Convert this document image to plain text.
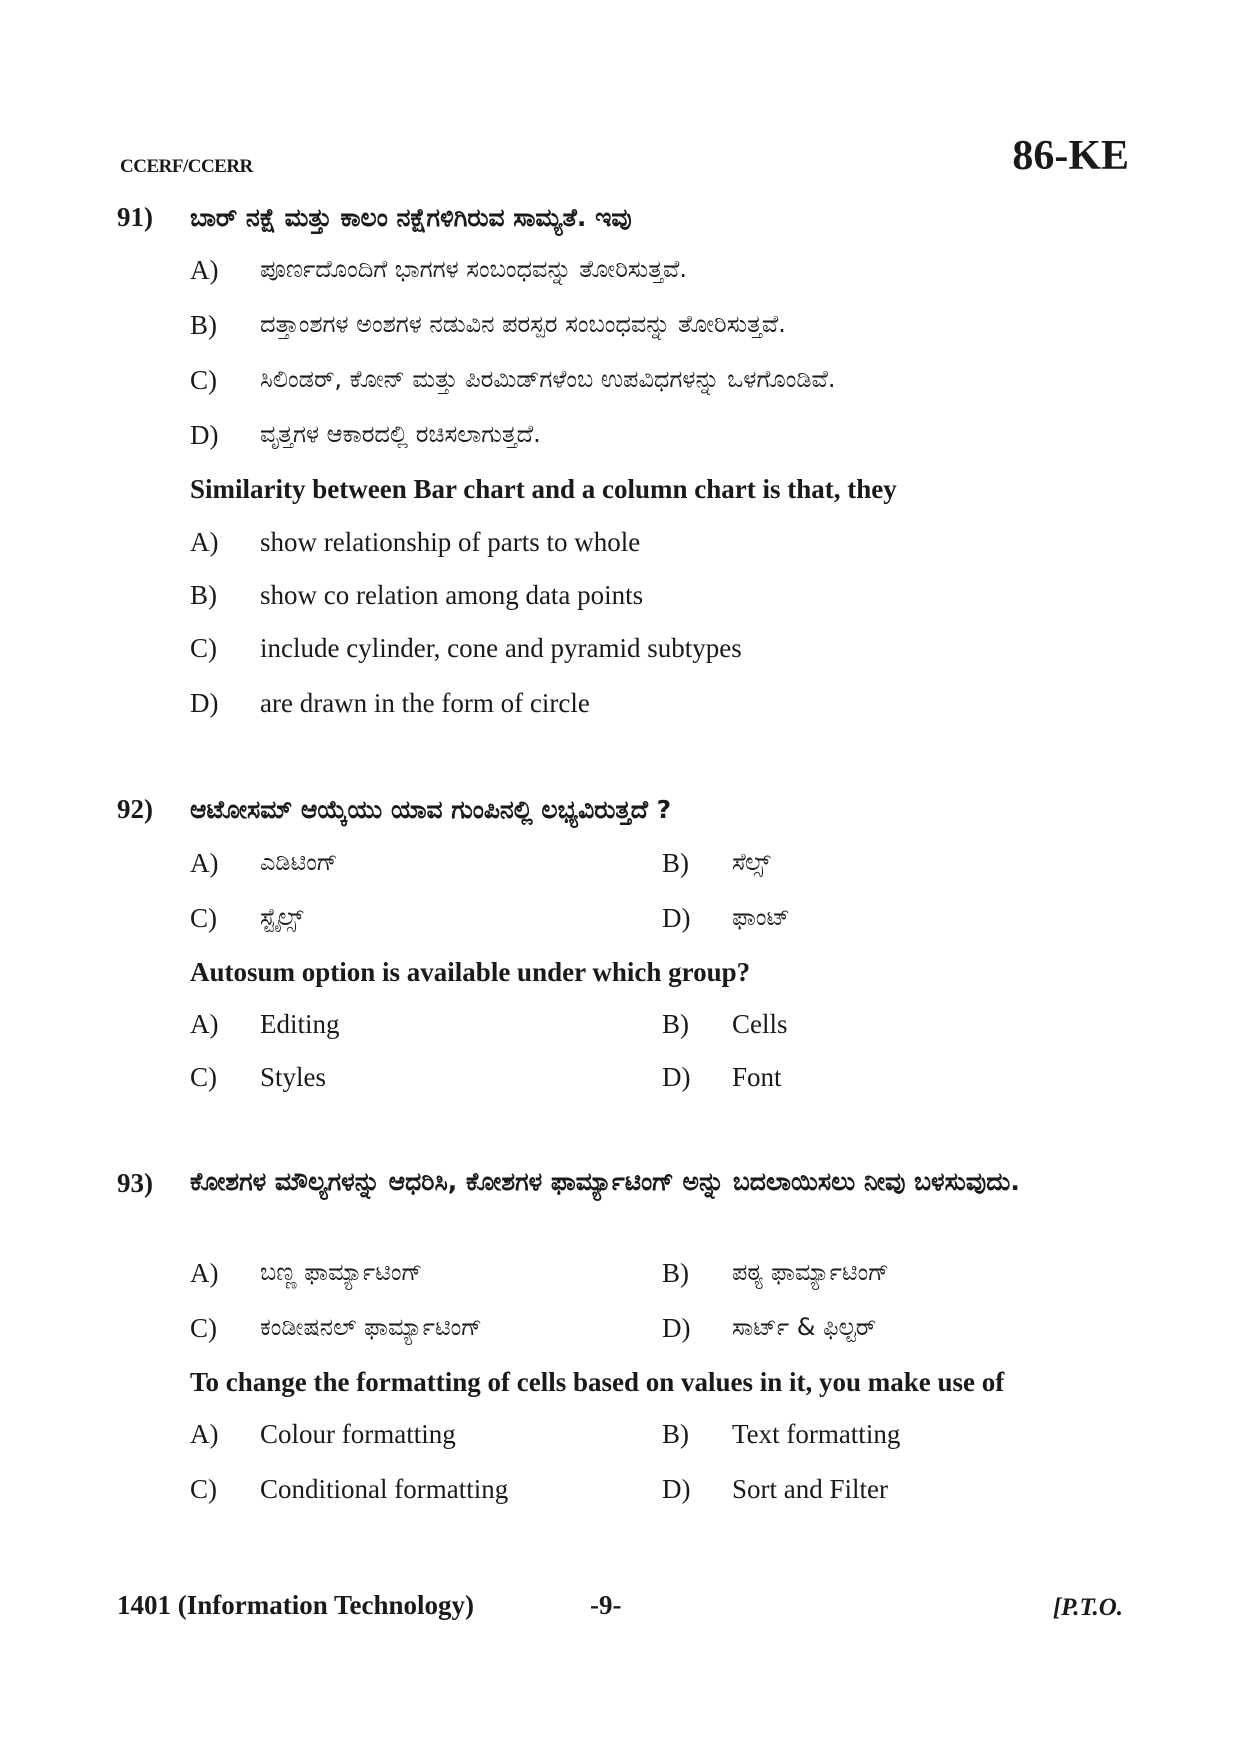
CCERF/CCERR	86-KE
91) ಬಾರ್ ನಕ್ಷೆ ಮತ್ತು ಕಾಲಂ ನಕ್ಷೆಗಳಿಗಿರುವ ಸಾಮ್ಯತೆ. ಇವು
A) ಪೂರ್ಣದೊಂದಿಗೆ ಭಾಗಗಳ ಸಂಬಂಧವನ್ನು ತೋರಿಸುತ್ತವೆ.
B) ದತ್ತಾಂಶಗಳ ಅಂಶಗಳ ನಡುವಿನ ಪರಸ್ಪರ ಸಂಬಂಧವನ್ನು ತೋರಿಸುತ್ತವೆ.
C) ಸಿಲಿಂಡರ್, ಕೋನ್ ಮತ್ತು ಪಿರಮಿಡ್‌ಗಳೆಂಬ ಉಪವಿಧಗಳನ್ನು ಒಳಗೊಂಡಿವೆ.
D) ವೃತ್ತಗಳ ಆಕಾರದಲ್ಲಿ ರಚಿಸಲಾಗುತ್ತದೆ.
Similarity between Bar chart and a column chart is that, they
A) show relationship of parts to whole
B) show co relation among data points
C) include cylinder, cone and pyramid subtypes
D) are drawn in the form of circle
92) ಆಟೋಸಮ್ ಆಯ್ಕೆಯು ಯಾವ ಗುಂಪಿನಲ್ಲಿ ಲಭ್ಯವಿರುತ್ತದೆ ?
A) ಎಡಿಟಿಂಗ್	B) ಸೆಲ್ಸ್
C) ಸ್ಟೈಲ್ಸ್	D) ಫಾಂಟ್
Autosum option is available under which group?
A) Editing	B) Cells
C) Styles	D) Font
93) ಕೋಶಗಳ ಮೌಲ್ಯಗಳನ್ನು ಆಧರಿಸಿ, ಕೋಶಗಳ ಫಾರ್ಮ್ಯಾಟಿಂಗ್ ಅನ್ನು ಬದಲಾಯಿಸಲು ನೀವು ಬಳಸುವುದು.
A) ಬಣ್ಣ ಫಾರ್ಮ್ಯಾಟಿಂಗ್	B) ಪಠ್ಯ ಫಾರ್ಮ್ಯಾಟಿಂಗ್
C) ಕಂಡೀಷನಲ್ ಫಾರ್ಮ್ಯಾಟಿಂಗ್	D) ಸಾರ್ಟ್ & ಫಿಲ್ಟರ್
To change the formatting of cells based on values in it, you make use of
A) Colour formatting	B) Text formatting
C) Conditional formatting	D) Sort and Filter
1401 (Information Technology)	-9-	[P.T.O.
